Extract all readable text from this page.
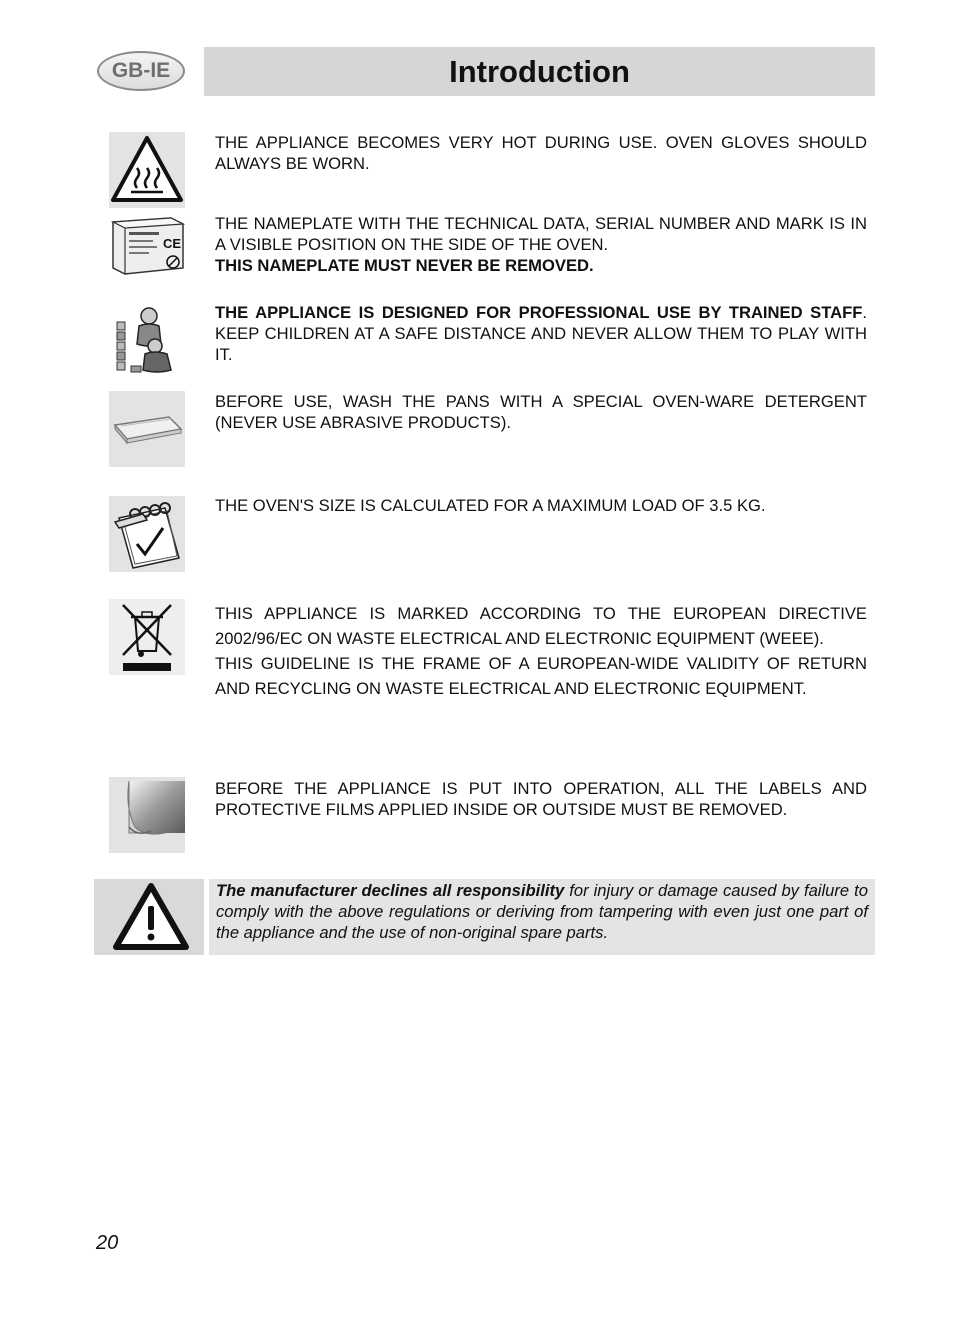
GB-IE	Introduction

THE APPLIANCE BECOMES VERY HOT DURING USE. OVEN GLOVES SHOULD ALWAYS BE WORN.

CE

THE NAMEPLATE WITH THE TECHNICAL DATA, SERIAL NUMBER AND MARK IS IN A VISIBLE POSITION ON THE SIDE OF THE OVEN.

THIS NAMEPLATE MUST NEVER BE REMOVED.

THE APPLIANCE IS DESIGNED FOR PROFESSIONAL USE BY TRAINED STAFF. KEEP CHILDREN AT A SAFE DISTANCE AND NEVER ALLOW THEM TO PLAY WITH IT.

BEFORE USE, WASH THE PANS WITH A SPECIAL OVEN-WARE DETERGENT (NEVER USE ABRASIVE PRODUCTS).

THE OVEN'S SIZE IS CALCULATED FOR A MAXIMUM LOAD OF 3.5 KG.

THIS APPLIANCE IS MARKED ACCORDING TO THE EUROPEAN DIRECTIVE 2002/96/EC ON WASTE ELECTRICAL AND ELECTRONIC EQUIPMENT (WEEE).

THIS GUIDELINE IS THE FRAME OF A EUROPEAN-WIDE VALIDITY OF RETURN AND RECYCLING ON WASTE ELECTRICAL AND ELECTRONIC EQUIPMENT.

BEFORE THE APPLIANCE IS PUT INTO OPERATION, ALL THE LABELS AND PROTECTIVE FILMS APPLIED INSIDE OR OUTSIDE MUST BE REMOVED.

The manufacturer declines all responsibility for injury or damage caused by failure to comply with the above regulations or deriving from tampering with even just one part of the appliance and the use of non-original spare parts.

20
